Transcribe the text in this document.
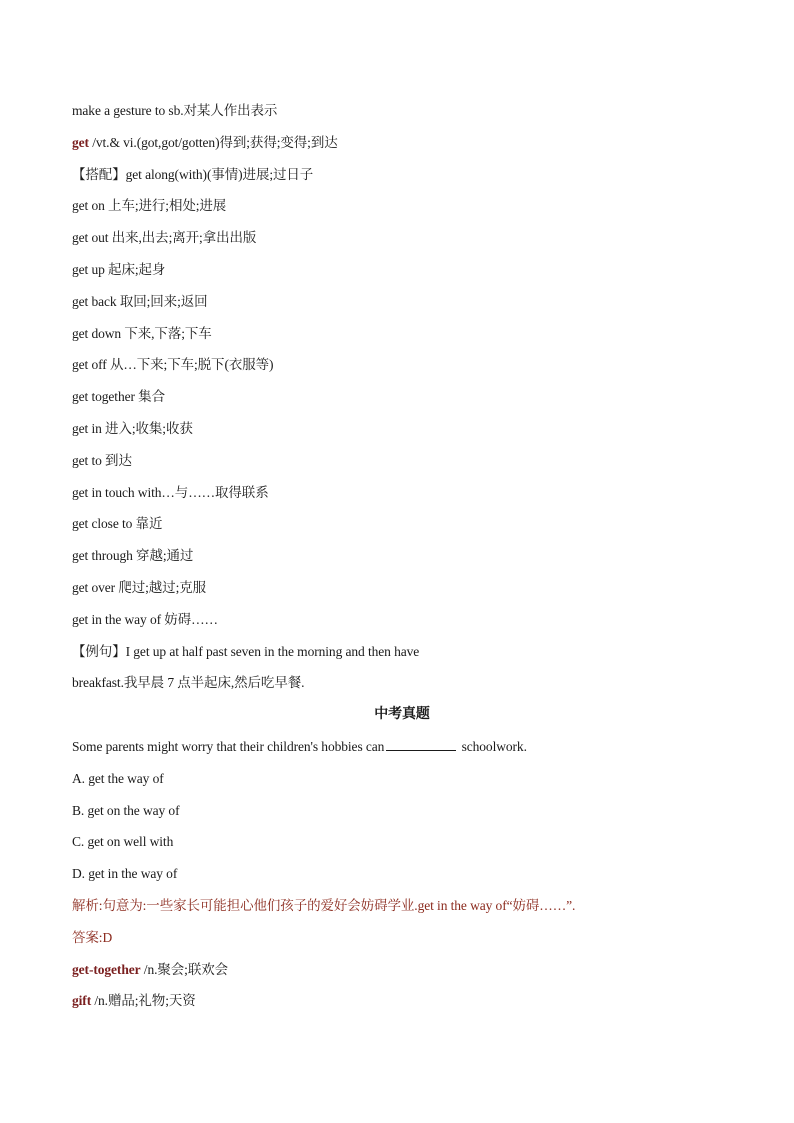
make a gesture to sb.对某人作出表示
get /vt.& vi.(got,got/gotten)得到;获得;变得;到达
【搭配】get along(with)(事情)进展;过日子
get on 上车;进行;相处;进展
get out 出来,出去;离开;拿出出版
get up 起床;起身
get back 取回;回来;返回
get down 下来,下落;下车
get off 从…下来;下车;脱下(衣服等)
get together 集合
get in 进入;收集;收获
get to 到达
get in touch with…与……取得联系
get close to 靠近
get through 穿越;通过
get over 爬过;越过;克服
get in the way of 妨碍……
【例句】I get up at half past seven in the morning and then have
breakfast.我早晨 7 点半起床,然后吃早餐.
中考真题
Some parents might worry that their children's hobbies can	schoolwork.
A. get the way of
B. get on the way of
C. get on well with
D. get in the way of
解析:句意为:一些家长可能担心他们孩子的爱好会妨碍学业.get in the way of“妨碍……”.
答案:D
get-together /n.聚会;联欢会
gift /n.赠品;礼物;天资
